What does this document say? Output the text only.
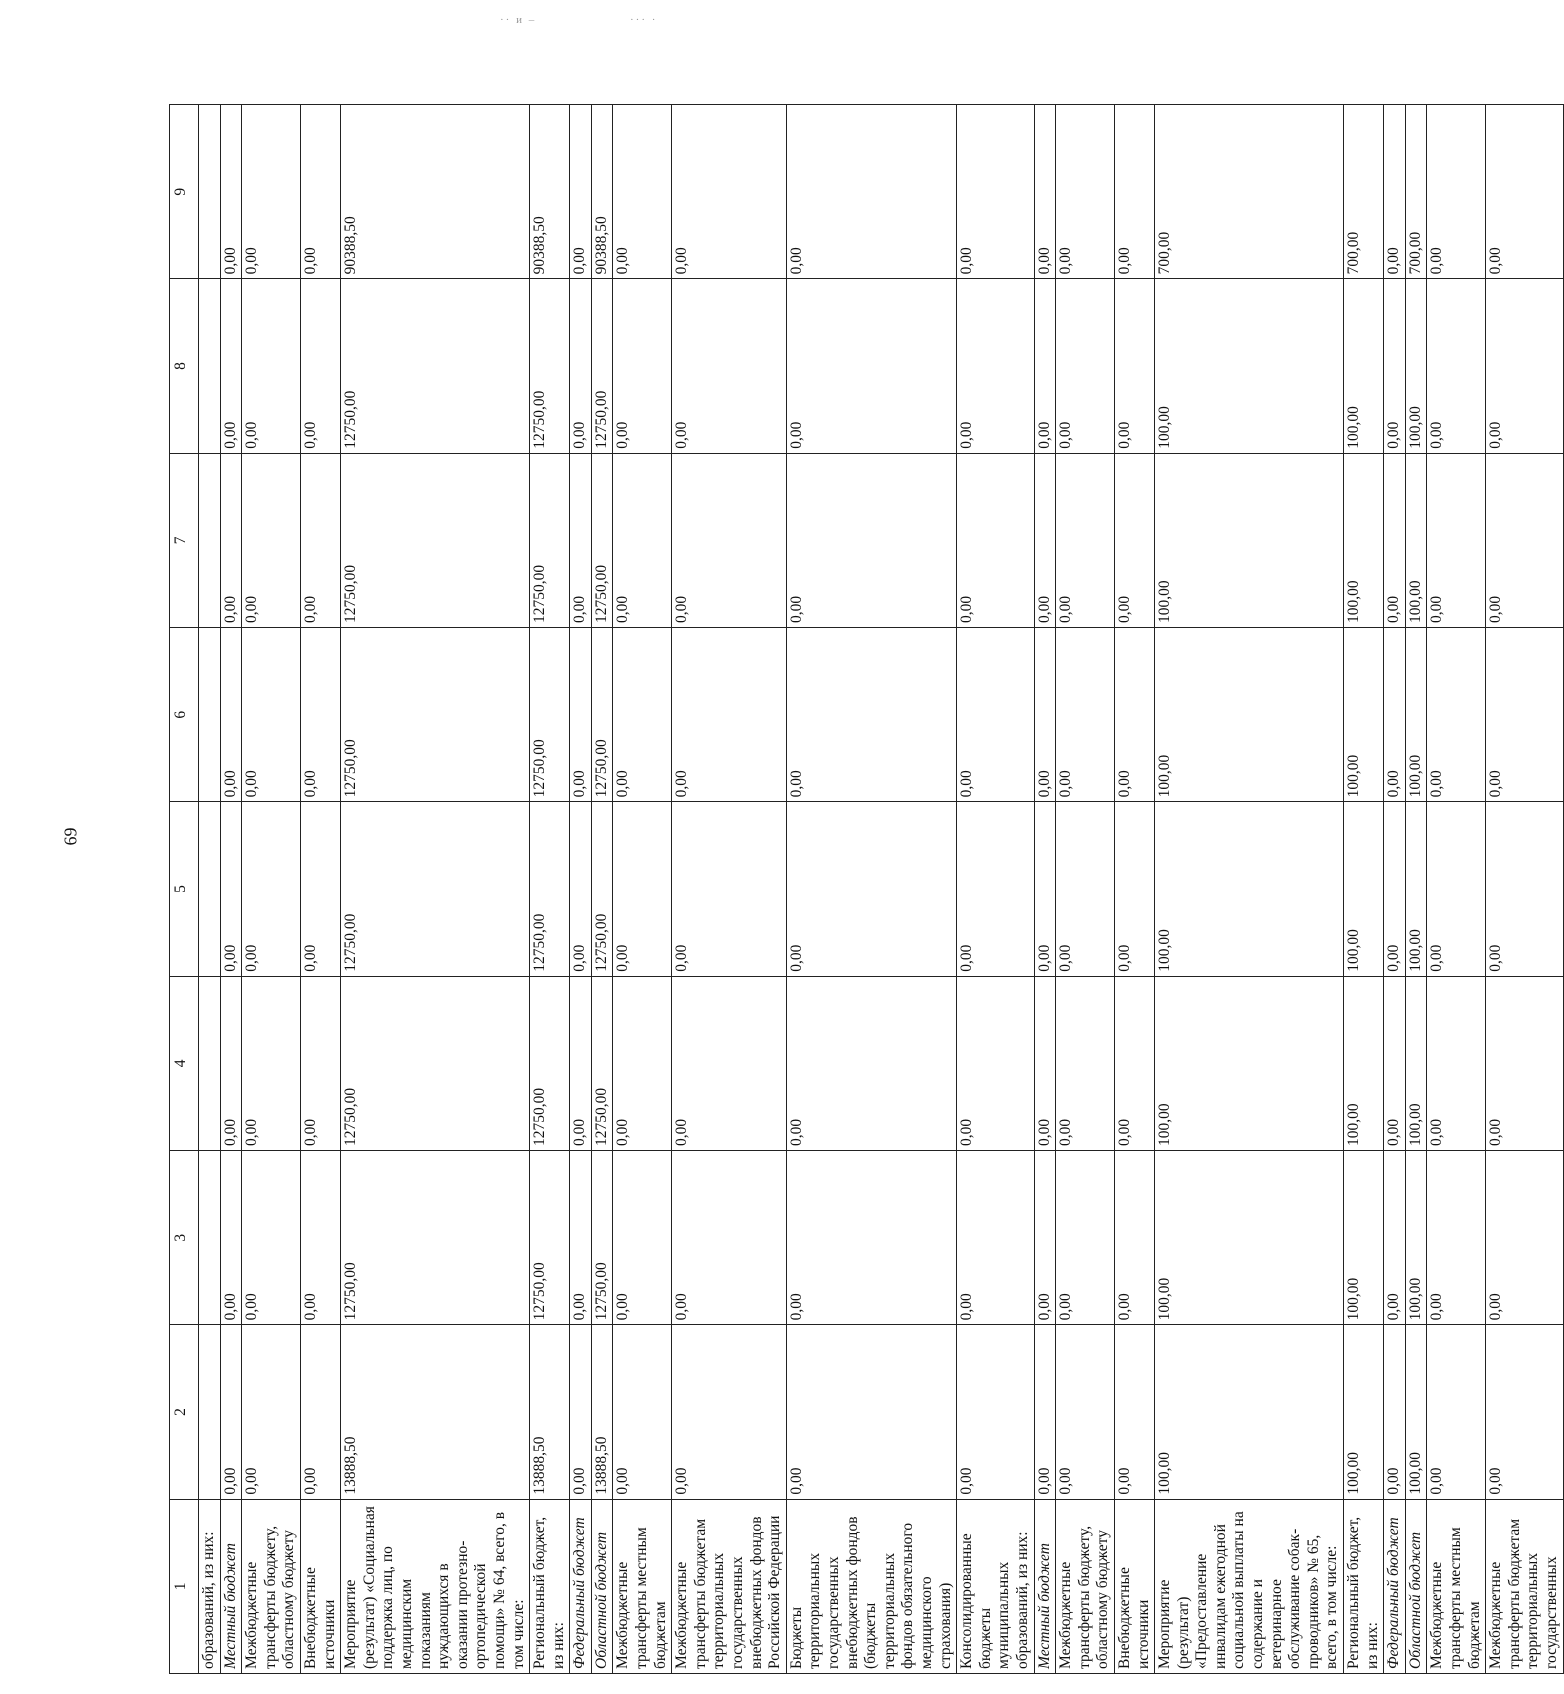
69
·· и –	··· ·
1	2	3	4	5	6	7	8	9
образований, из них:								
Местный бюджет	0,00	0,00	0,00	0,00	0,00	0,00	0,00	0,00
Межбюджетные трансферты бюджету, областному бюджету	0,00	0,00	0,00	0,00	0,00	0,00	0,00	0,00
Внебюджетные источники	0,00	0,00	0,00	0,00	0,00	0,00	0,00	0,00
Мероприятие (результат) «Социальная поддержка лиц, по медицинским показаниям нуждающихся в оказании протезно-ортопедической помощи» № 64, всего, в том числе:	13888,50	12750,00	12750,00	12750,00	12750,00	12750,00	12750,00	90388,50
Региональный бюджет, из них:	13888,50	12750,00	12750,00	12750,00	12750,00	12750,00	12750,00	90388,50
Федеральный бюджет	0,00	0,00	0,00	0,00	0,00	0,00	0,00	0,00
Областной бюджет	13888,50	12750,00	12750,00	12750,00	12750,00	12750,00	12750,00	90388,50
Межбюджетные трансферты местным бюджетам	0,00	0,00	0,00	0,00	0,00	0,00	0,00	0,00
Межбюджетные трансферты бюджетам территориальных государственных внебюджетных фондов Российской Федерации	0,00	0,00	0,00	0,00	0,00	0,00	0,00	0,00
Бюджеты территориальных государственных внебюджетных фондов (бюджеты территориальных фондов обязательного медицинского страхования)	0,00	0,00	0,00	0,00	0,00	0,00	0,00	0,00
Консолидированные бюджеты муниципальных образований, из них:	0,00	0,00	0,00	0,00	0,00	0,00	0,00	0,00
Местный бюджет	0,00	0,00	0,00	0,00	0,00	0,00	0,00	0,00
Межбюджетные трансферты бюджету, областному бюджету	0,00	0,00	0,00	0,00	0,00	0,00	0,00	0,00
Внебюджетные источники	0,00	0,00	0,00	0,00	0,00	0,00	0,00	0,00
Мероприятие (результат) «Предоставление инвалидам ежегодной социальной выплаты на содержание и ветеринарное обслуживание собак-проводников» № 65, всего, в том числе:	100,00	100,00	100,00	100,00	100,00	100,00	100,00	700,00
Региональный бюджет, из них:	100,00	100,00	100,00	100,00	100,00	100,00	100,00	700,00
Федеральный бюджет	0,00	0,00	0,00	0,00	0,00	0,00	0,00	0,00
Областной бюджет	100,00	100,00	100,00	100,00	100,00	100,00	100,00	700,00
Межбюджетные трансферты местным бюджетам	0,00	0,00	0,00	0,00	0,00	0,00	0,00	0,00
Межбюджетные трансферты бюджетам территориальных государственных	0,00	0,00	0,00	0,00	0,00	0,00	0,00	0,00
